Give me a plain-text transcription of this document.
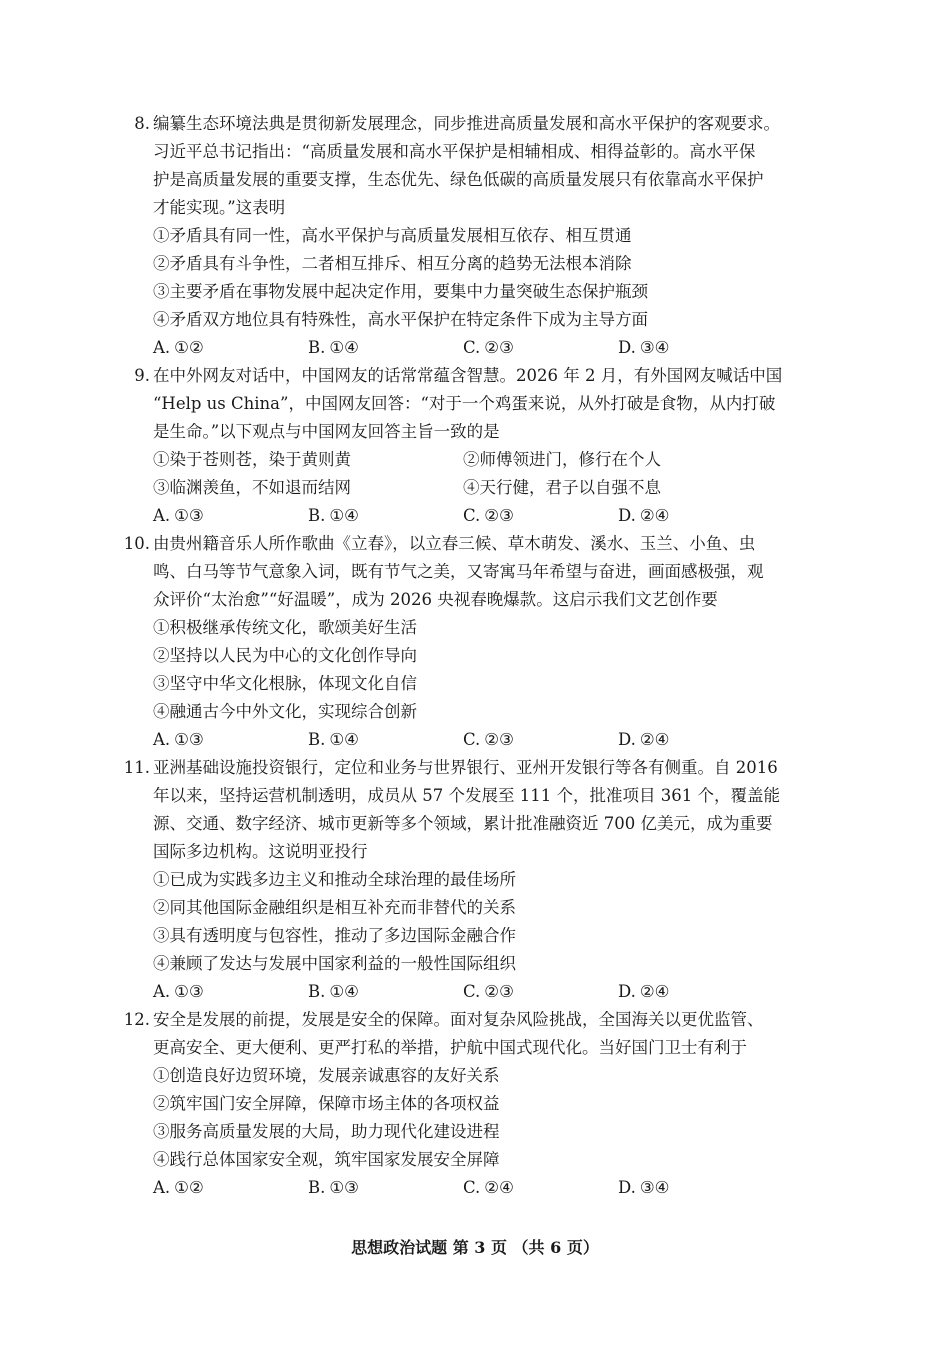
8. 编纂生态环境法典是贯彻新发展理念，同步推进高质量发展和高水平保护的客观要求。

习近平总书记指出：“高质量发展和高水平保护是相辅相成、相得益彰的。高水平保

护是高质量发展的重要支撑，生态优先、绿色低碳的高质量发展只有依靠高水平保护

才能实现。”这表明

①矛盾具有同一性，高水平保护与高质量发展相互依存、相互贯通

②矛盾具有斗争性，二者相互排斥、相互分离的趋势无法根本消除

③主要矛盾在事物发展中起决定作用，要集中力量突破生态保护瓶颈

④矛盾双方地位具有特殊性，高水平保护在特定条件下成为主导方面

A. ①②	B. ①④	C. ②③	D. ③④
9. 在中外网友对话中，中国网友的话常常蕴含智慧。2026 年 2 月，有外国网友喊话中国

“Help us China”，中国网友回答：“对于一个鸡蛋来说，从外打破是食物，从内打破

是生命。”以下观点与中国网友回答主旨一致的是

①染于苍则苍，染于黄则黄	②师傅领进门，修行在个人

③临渊羡鱼，不如退而结网	④天行健，君子以自强不息

A. ①③	B. ①④	C. ②③	D. ②④
10. 由贵州籍音乐人所作歌曲《立春》，以立春三候、草木萌发、溪水、玉兰、小鱼、虫

鸣、白马等节气意象入词，既有节气之美，又寄寓马年希望与奋进，画面感极强，观

众评价“太治愈”“好温暖”，成为 2026 央视春晚爆款。这启示我们文艺创作要

①积极继承传统文化，歌颂美好生活

②坚持以人民为中心的文化创作导向

③坚守中华文化根脉，体现文化自信

④融通古今中外文化，实现综合创新

A. ①③	B. ①④	C. ②③	D. ②④
11. 亚洲基础设施投资银行，定位和业务与世界银行、亚州开发银行等各有侧重。自 2016

年以来，坚持运营机制透明，成员从 57 个发展至 111 个，批准项目 361 个，覆盖能

源、交通、数字经济、城市更新等多个领域，累计批准融资近 700 亿美元，成为重要

国际多边机构。这说明亚投行

①已成为实践多边主义和推动全球治理的最佳场所

②同其他国际金融组织是相互补充而非替代的关系

③具有透明度与包容性，推动了多边国际金融合作

④兼顾了发达与发展中国家利益的一般性国际组织

A. ①③	B. ①④	C. ②③	D. ②④
12. 安全是发展的前提，发展是安全的保障。面对复杂风险挑战，全国海关以更优监管、

更高安全、更大便利、更严打私的举措，护航中国式现代化。当好国门卫士有利于

①创造良好边贸环境，发展亲诚惠容的友好关系

②筑牢国门安全屏障，保障市场主体的各项权益

③服务高质量发展的大局，助力现代化建设进程

④践行总体国家安全观，筑牢国家发展安全屏障

A. ①②	B. ①③	C. ②④	D. ③④
思想政治试题 第 3 页 （共 6 页）
